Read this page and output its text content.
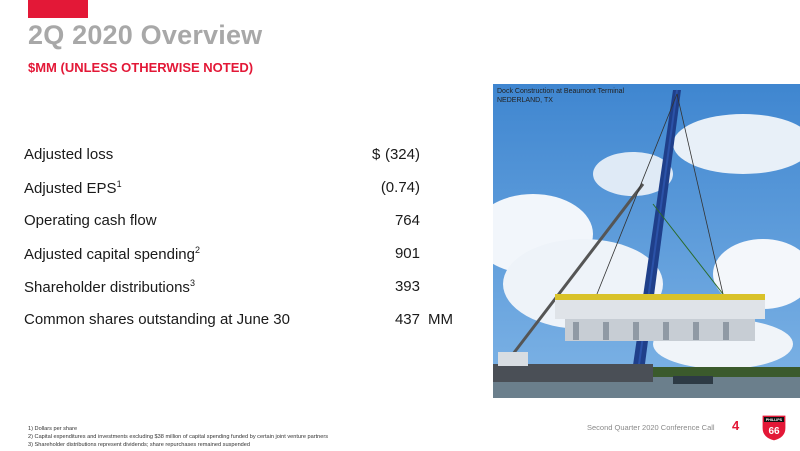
2Q 2020 Overview
$MM (UNLESS OTHERWISE NOTED)
Adjusted loss	$ (324)
Adjusted EPS$^1$	(0.74)
Operating cash flow	764
Adjusted capital spending$^2$	901
Shareholder distributions$^3$	393
Common shares outstanding at June 30	437 MM
Dock Construction at Beaumont Terminal
NEDERLAND, TX
1) Dollars per share
2) Capital expenditures and investments excluding $38 million of capital spending funded by certain joint venture partners
3) Shareholder distributions represent dividends; share repurchases remained suspended
Second Quarter 2020 Conference Call 4	PHILLIPS
66
